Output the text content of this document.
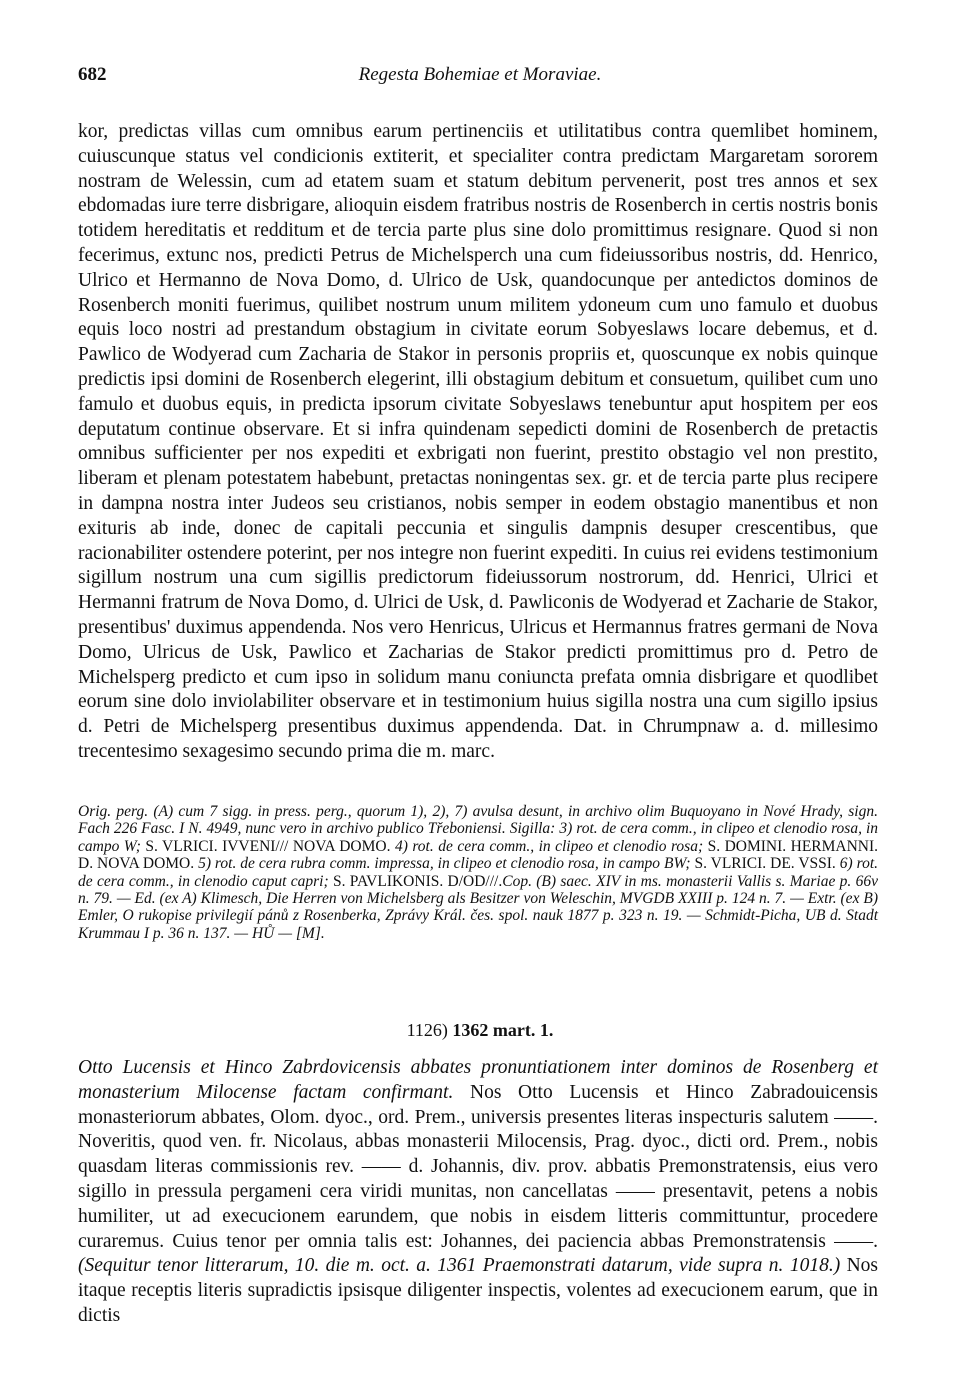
682	Regesta Bohemiae et Moraviae.

kor, predictas villas cum omnibus earum pertinenciis et utilitatibus contra quemlibet hominem, cuiuscunque status vel condicionis extiterit, et specialiter contra predictam Margaretam sororem nostram de Welessin, cum ad etatem suam et statum debitum pervenerit, post tres annos et sex ebdomadas iure terre disbrigare, alioquin eisdem fratribus nostris de Rosenberch in certis nostris bonis totidem hereditatis et redditum et de tercia parte plus sine dolo promittimus resignare. Quod si non fecerimus, extunc nos, predicti Petrus de Michelsperch una cum fideiussoribus nostris, dd. Henrico, Ulrico et Hermanno de Nova Domo, d. Ulrico de Usk, quandocunque per antedictos dominos de Rosenberch moniti fuerimus, quilibet nostrum unum militem ydoneum cum uno famulo et duobus equis loco nostri ad prestandum obstagium in civitate eorum Sobyeslaws locare debemus, et d. Pawlico de Wodyerad cum Zacharia de Stakor in personis propriis et, quoscunque ex nobis quinque predictis ipsi domini de Rosenberch elegerint, illi obstagium debitum et consuetum, quilibet cum uno famulo et duobus equis, in predicta ipsorum civitate Sobyeslaws tenebuntur aput hospitem per eos deputatum continue observare. Et si infra quindenam sepedicti domini de Rosenberch de pretactis omnibus sufficienter per nos expediti et exbrigati non fuerint, prestito obstagio vel non prestito, liberam et plenam potestatem habebunt, pretactas noningentas sex. gr. et de tercia parte plus recipere in dampna nostra inter Judeos seu cristianos, nobis semper in eodem obstagio manentibus et non exituris ab inde, donec de capitali peccunia et singulis dampnis desuper crescentibus, que racionabiliter ostendere poterint, per nos integre non fuerint expediti. In cuius rei evidens testimonium sigillum nostrum una cum sigillis predictorum fideiussorum nostrorum, dd. Henrici, Ulrici et Hermanni fratrum de Nova Domo, d. Ulrici de Usk, d. Pawliconis de Wodyerad et Zacharie de Stakor, presentibus' duximus appendenda. Nos vero Henricus, Ulricus et Hermannus fratres germani de Nova Domo, Ulricus de Usk, Pawlico et Zacharias de Stakor predicti promittimus pro d. Petro de Michelsperg predicto et cum ipso in solidum manu coniuncta prefata omnia disbrigare et quodlibet eorum sine dolo inviolabiliter observare et in testimonium huius sigilla nostra una cum sigillo ipsius d. Petri de Michelsperg presentibus duximus appendenda. Dat. in Chrumpnaw a. d. millesimo trecentesimo sexagesimo secundo prima die m. marc.

Orig. perg. (A) cum 7 sigg. in press. perg., quorum 1), 2), 7) avulsa desunt, in archivo olim Buquoyano in Nové Hrady, sign. Fach 226 Fasc. I N. 4949, nunc vero in archivo publico Třeboniensi. Sigilla: 3) rot. de cera comm., in clipeo et clenodio rosa, in campo W; S. VLRICI. IVVENI/// NOVA DOMO. 4) rot. de cera comm., in clipeo et clenodio rosa; S. DOMINI. HERMANNI. D. NOVA DOMO. 5) rot. de cera rubra comm. impressa, in clipeo et clenodio rosa, in campo BW; S. VLRICI. DE. VSSI. 6) rot. de cera comm., in clenodio caput capri; S. PAVLIKONIS. D/OD///.Cop. (B) saec. XIV in ms. monasterii Vallis s. Mariae p. 66v n. 79. — Ed. (ex A) Klimesch, Die Herren von Michelsberg als Besitzer von Weleschin, MVGDB XXIII p. 124 n. 7. — Extr. (ex B) Emler, O rukopise privilegií pánů z Rosenberka, Zprávy Král. čes. spol. nauk 1877 p. 323 n. 19. — Schmidt-Picha, UB d. Stadt Krummau I p. 36 n. 137. — HŮ — [M].

1126) 1362 mart. 1.

Otto Lucensis et Hinco Zabrdovicensis abbates pronuntiationem inter dominos de Rosenberg et monasterium Milocense factam confirmant. Nos Otto Lucensis et Hinco Zabradouicensis monasteriorum abbates, Olom. dyoc., ord. Prem., universis presentes literas inspecturis salutem ——. Noveritis, quod ven. fr. Nicolaus, abbas monasterii Milocensis, Prag. dyoc., dicti ord. Prem., nobis quasdam literas commissionis rev. —— d. Johannis, div. prov. abbatis Premonstratensis, eius vero sigillo in pressula pergameni cera viridi munitas, non cancellatas —— presentavit, petens a nobis humiliter, ut ad execucionem earundem, que nobis in eisdem litteris committuntur, procedere curaremus. Cuius tenor per omnia talis est: Johannes, dei paciencia abbas Premonstratensis ——. (Sequitur tenor litterarum, 10. die m. oct. a. 1361 Praemonstrati datarum, vide supra n. 1018.) Nos itaque receptis literis supradictis ipsisque diligenter inspectis, volentes ad execucionem earum, que in dictis
